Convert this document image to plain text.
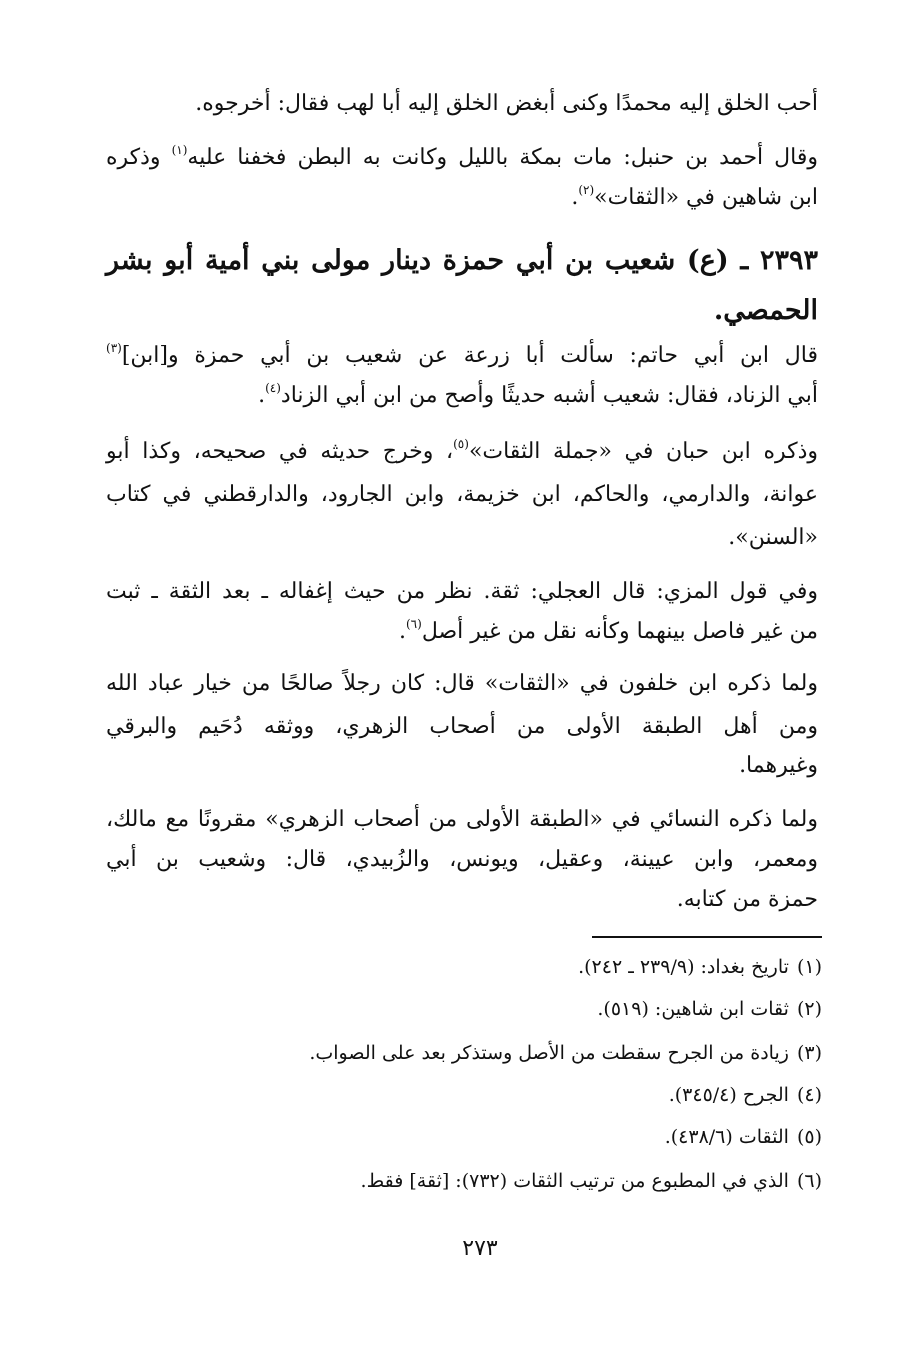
أحب الخلق إليه محمدًا وكنى أبغض الخلق إليه أبا لهب فقال: أخرجوه.
وقال أحمد بن حنبل: مات بمكة بالليل وكانت به البطن فخفنا عليه$^{(١)}$ وذكره
ابن شاهين في «الثقات»$^{(٢)}$.
٢٣٩٣ ـ (ع) شعيب بن أبي حمزة دينار مولى بني أمية أبو بشر
الحمصي.
قال ابن أبي حاتم: سألت أبا زرعة عن شعيب بن أبي حمزة و[ابن]$^{(٣)}$
أبي الزناد، فقال: شعيب أشبه حديثًا وأصح من ابن أبي الزناد$^{(٤)}$.
وذكره ابن حبان في «جملة الثقات»$^{(٥)}$، وخرج حديثه في صحيحه، وكذا أبو
عوانة، والدارمي، والحاكم، ابن خزيمة، وابن الجارود، والدارقطني في كتاب
«السنن».
وفي قول المزي: قال العجلي: ثقة. نظر من حيث إغفاله ـ بعد الثقة ـ ثبت
من غير فاصل بينهما وكأنه نقل من غير أصل$^{(٦)}$.
ولما ذكره ابن خلفون في «الثقات» قال: كان رجلاً صالحًا من خيار عباد الله
ومن أهل الطبقة الأولى من أصحاب الزهري، ووثقه دُحَيم والبرقي
وغيرهما.
ولما ذكره النسائي في «الطبقة الأولى من أصحاب الزهري» مقرونًا مع مالك،
ومعمر، وابن عيينة، وعقيل، ويونس، والزُبيدي، قال: وشعيب بن أبي
حمزة من كتابه.
(١)تاريخ بغداد: (٢٣٩/٩ ـ ٢٤٢).
(٢)ثقات ابن شاهين: (٥١٩).
(٣)زيادة من الجرح سقطت من الأصل وستذكر بعد على الصواب.
(٤)الجرح (٣٤٥/٤).
(٥)الثقات (٤٣٨/٦).
(٦)الذي في المطبوع من ترتيب الثقات (٧٣٢): [ثقة] فقط.
٢٧٣
